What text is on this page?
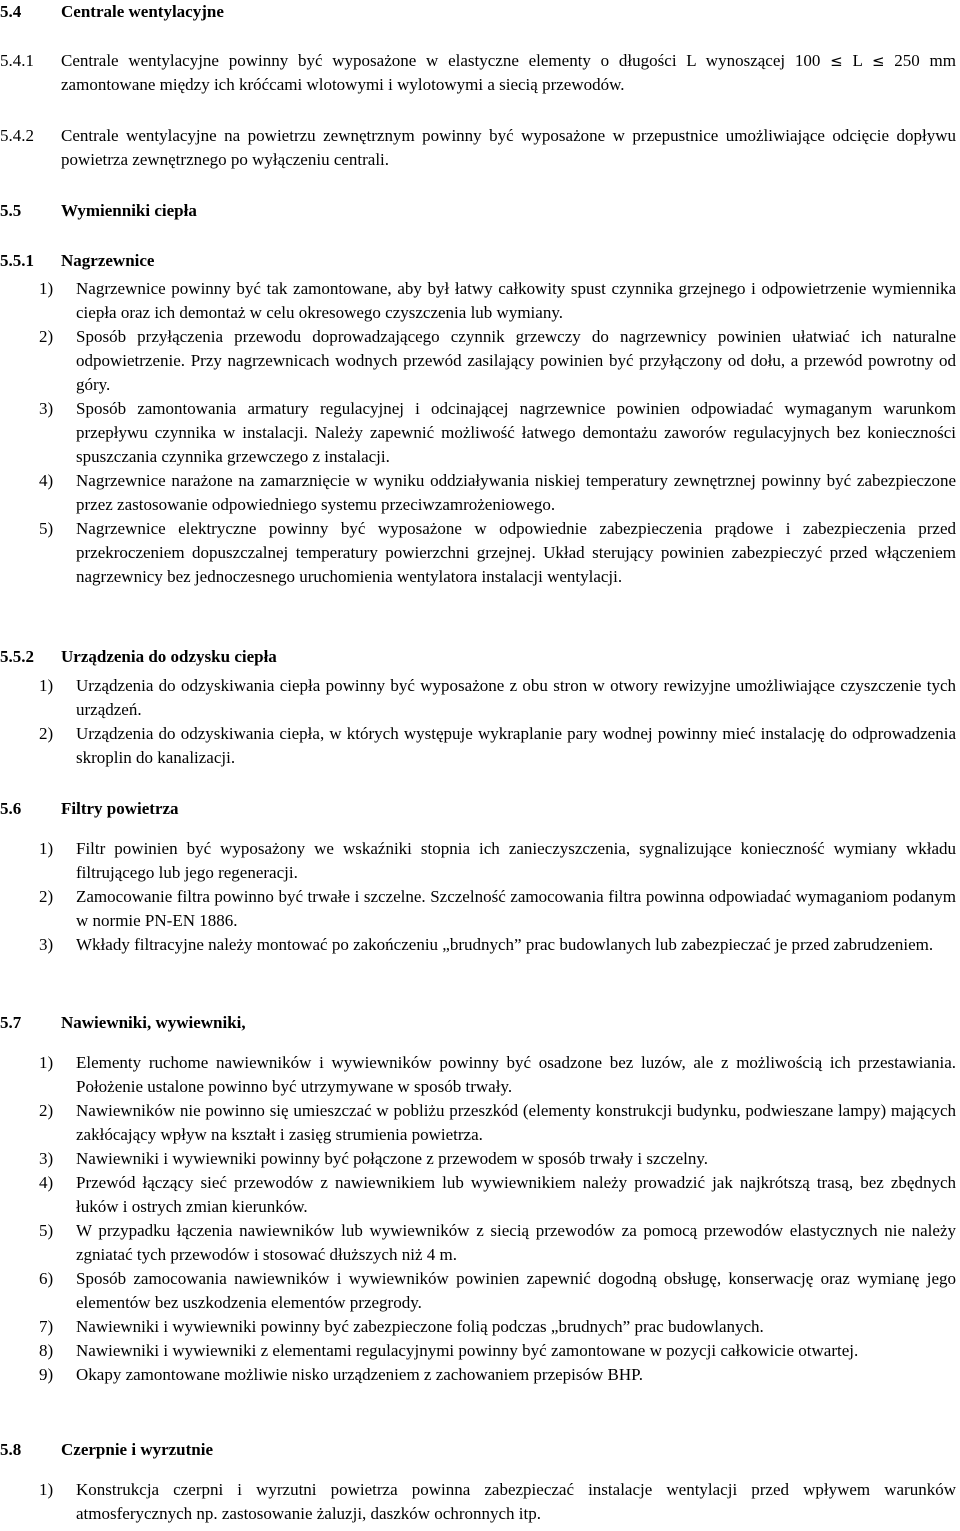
5.4 Centrale wentylacyjne
5.4.1 Centrale wentylacyjne powinny być wyposażone w elastyczne elementy o długości L wynoszącej 100 ≤ L ≤ 250 mm zamontowane między ich króćcami wlotowymi i wylotowymi a siecią przewodów.
5.4.2 Centrale wentylacyjne na powietrzu zewnętrznym powinny być wyposażone w przepustnice umożliwiające odcięcie dopływu powietrza zewnętrznego po wyłączeniu centrali.
5.5 Wymienniki ciepła
5.5.1 Nagrzewnice
1) Nagrzewnice powinny być tak zamontowane, aby był łatwy całkowity spust czynnika grzejnego i odpowietrzenie wymiennika ciepła oraz ich demontaż w celu okresowego czyszczenia lub wymiany.
2) Sposób przyłączenia przewodu doprowadzającego czynnik grzewczy do nagrzewnicy powinien ułatwiać ich naturalne odpowietrzenie. Przy nagrzewnicach wodnych przewód zasilający powinien być przyłączony od dołu, a przewód powrotny od góry.
3) Sposób zamontowania armatury regulacyjnej i odcinającej nagrzewnice powinien odpowiadać wymaganym warunkom przepływu czynnika w instalacji. Należy zapewnić możliwość łatwego demontażu zaworów regulacyjnych bez konieczności spuszczania czynnika grzewczego z instalacji.
4) Nagrzewnice narażone na zamarznięcie w wyniku oddziaływania niskiej temperatury zewnętrznej powinny być zabezpieczone przez zastosowanie odpowiedniego systemu przeciwzamrożeniowego.
5) Nagrzewnice elektryczne powinny być wyposażone w odpowiednie zabezpieczenia prądowe i zabezpieczenia przed przekroczeniem dopuszczalnej temperatury powierzchni grzejnej. Układ sterujący powinien zabezpieczyć przed włączeniem nagrzewnicy bez jednoczesnego uruchomienia wentylatora instalacji wentylacji.
5.5.2 Urządzenia do odzysku ciepła
1) Urządzenia do odzyskiwania ciepła powinny być wyposażone z obu stron w otwory rewizyjne umożliwiające czyszczenie tych urządzeń.
2) Urządzenia do odzyskiwania ciepła, w których występuje wykraplanie pary wodnej powinny mieć instalację do odprowadzenia skroplin do kanalizacji.
5.6 Filtry powietrza
1) Filtr powinien być wyposażony we wskaźniki stopnia ich zanieczyszczenia, sygnalizujące konieczność wymiany wkładu filtrującego lub jego regeneracji.
2) Zamocowanie filtra powinno być trwałe i szczelne. Szczelność zamocowania filtra powinna odpowiadać wymaganiom podanym w normie PN-EN 1886.
3) Wkłady filtracyjne należy montować po zakończeniu „brudnych” prac budowlanych lub zabezpieczać je przed zabrudzeniem.
5.7 Nawiewniki, wywiewniki,
1) Elementy ruchome nawiewników i wywiewników powinny być osadzone bez luzów, ale z możliwością ich przestawiania. Położenie ustalone powinno być utrzymywane w sposób trwały.
2) Nawiewników nie powinno się umieszczać w pobliżu przeszkód (elementy konstrukcji budynku, podwieszane lampy) mających zakłócający wpływ na kształt i zasięg strumienia powietrza.
3) Nawiewniki i wywiewniki powinny być połączone z przewodem w sposób trwały i szczelny.
4) Przewód łączący sieć przewodów z nawiewnikiem lub wywiewnikiem należy prowadzić jak najkrótszą trasą, bez zbędnych łuków i ostrych zmian kierunków.
5) W przypadku łączenia nawiewników lub wywiewników z siecią przewodów za pomocą przewodów elastycznych nie należy zgniatać tych przewodów i stosować dłuższych niż 4 m.
6) Sposób zamocowania nawiewników i wywiewników powinien zapewnić dogodną obsługę, konserwację oraz wymianę jego elementów bez uszkodzenia elementów przegrody.
7) Nawiewniki i wywiewniki powinny być zabezpieczone folią podczas „brudnych” prac budowlanych.
8) Nawiewniki i wywiewniki z elementami regulacyjnymi powinny być zamontowane w pozycji całkowicie otwartej.
9) Okapy zamontowane możliwie nisko urządzeniem z zachowaniem przepisów BHP.
5.8 Czerpnie i wyrzutnie
1) Konstrukcja czerpni i wyrzutni powietrza powinna zabezpieczać instalacje wentylacji przed wpływem warunków atmosferycznych np. zastosowanie żaluzji, daszków ochronnych itp.
